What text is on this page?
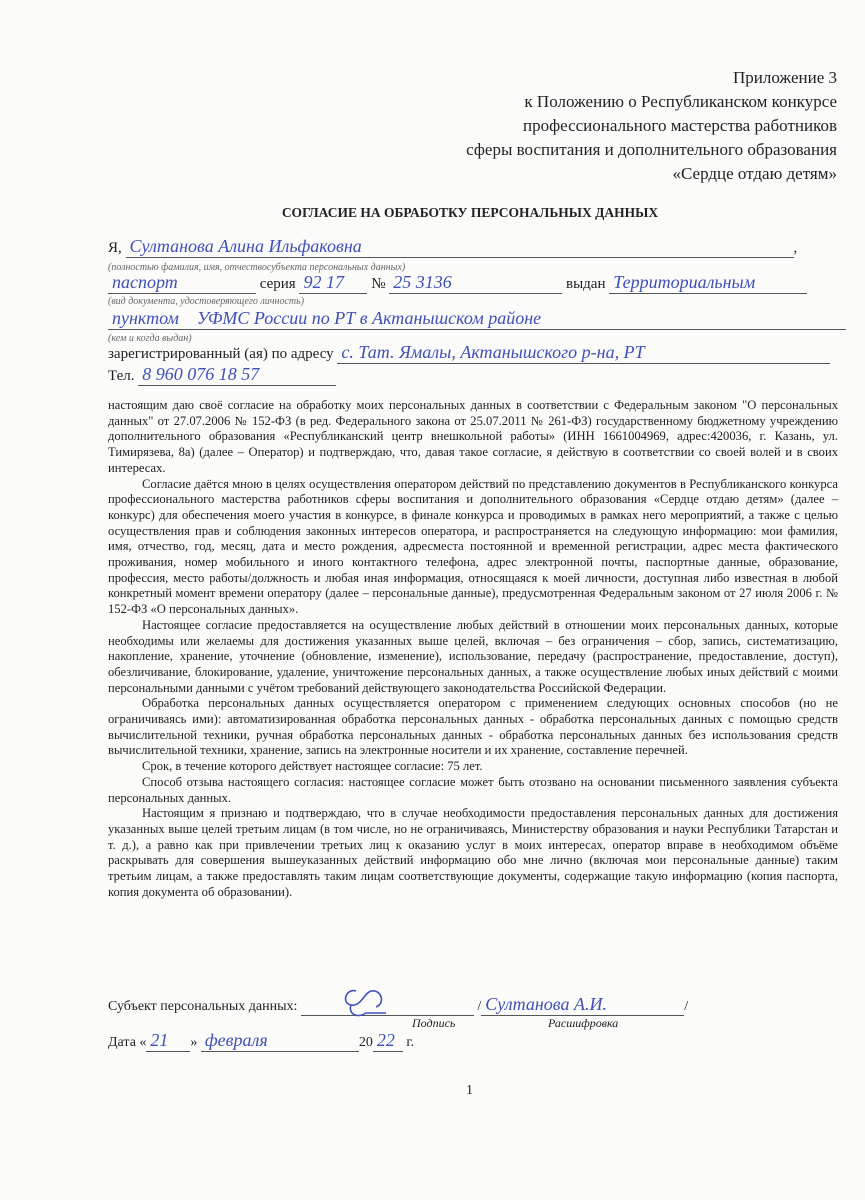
Приложение 3
к Положению о Республиканском конкурсе
профессионального мастерства работников
сферы воспитания и дополнительного образования
«Сердце отдаю детям»
СОГЛАСИЕ НА ОБРАБОТКУ ПЕРСОНАЛЬНЫХ ДАННЫХ
Я, Султанова Алина Ильфаковна	,
(полностью фамилия, имя, отчествосубъекта персональных данных)
паспорт	серия 92 17 № 25 3136	выдан Территориальным
(вид документа, удостоверяющего личность)
пунктом    УФМС России по РТ в Актанышском районе
(кем и когда выдан)
зарегистрированный (ая) по адресу с. Тат. Ямалы, Актанышского р-на, РТ
Тел. 8 960 076 18 57

настоящим даю своё согласие на обработку моих персональных данных в соответствии с Федеральным законом "О персональных данных" от 27.07.2006 № 152-ФЗ (в ред. Федерального закона от 25.07.2011 № 261-ФЗ) государственному бюджетному учреждению дополнительного образования «Республиканский центр внешкольной работы» (ИНН 1661004969, адрес:420036, г. Казань, ул. Тимирязева, 8а) (далее – Оператор) и подтверждаю, что, давая такое согласие, я действую в соответствии со своей волей и в своих интересах.

Согласие даётся мною в целях осуществления оператором действий по представлению документов в Республиканского конкурса профессионального мастерства работников сферы воспитания и дополнительного образования «Сердце отдаю детям» (далее – конкурс) для обеспечения моего участия в конкурсе, в финале конкурса и проводимых в рамках него мероприятий, а также с целью осуществления прав и соблюдения законных интересов оператора, и распространяется на следующую информацию: мои фамилия, имя, отчество, год, месяц, дата и место рождения, адресместа постоянной и временной регистрации, адрес места фактического проживания, номер мобильного и иного контактного телефона, адрес электронной почты, паспортные данные, образование, профессия, место работы/должность и любая иная информация, относящаяся к моей личности, доступная либо известная в любой конкретный момент времени оператору (далее – персональные данные), предусмотренная Федеральным законом от 27 июля 2006 г. № 152-ФЗ «О персональных данных».

Настоящее согласие предоставляется на осуществление любых действий в отношении моих персональных данных, которые необходимы или желаемы для достижения указанных выше целей, включая – без ограничения – сбор, запись, систематизацию, накопление, хранение, уточнение (обновление, изменение), использование, передачу (распространение, предоставление, доступ), обезличивание, блокирование, удаление, уничтожение персональных данных, а также осуществление любых иных действий с моими персональными данными с учётом требований действующего законодательства Российской Федерации.

Обработка персональных данных осуществляется оператором с применением следующих основных способов (но не ограничиваясь ими): автоматизированная обработка персональных данных - обработка персональных данных с помощью средств вычислительной техники, ручная обработка персональных данных - обработка персональных данных без использования средств вычислительной техники, хранение, запись на электронные носители и их хранение, составление перечней.

Срок, в течение которого действует настоящее согласие: 75 лет.

Способ отзыва настоящего согласия: настоящее согласие может быть отозвано на основании письменного заявления субъекта персональных данных.

Настоящим я признаю и подтверждаю, что в случае необходимости предоставления персональных данных для достижения указанных выше целей третьим лицам (в том числе, но не ограничиваясь, Министерству образования и науки Республики Татарстан и т. д.), а равно как при привлечении третьих лиц к оказанию услуг в моих интересах, оператор вправе в необходимом объёме раскрывать для совершения вышеуказанных действий информацию обо мне лично (включая мои персональные данные) таким третьим лицам, а также предоставлять таким лицам соответствующие документы, содержащие такую информацию (копия паспорта, копия документа об образовании).

Субъект персональных данных:	/ Султанова А.И.	/
Подпись	Расшифровка
Дата « 21 » февраля	20 22 г.
1
